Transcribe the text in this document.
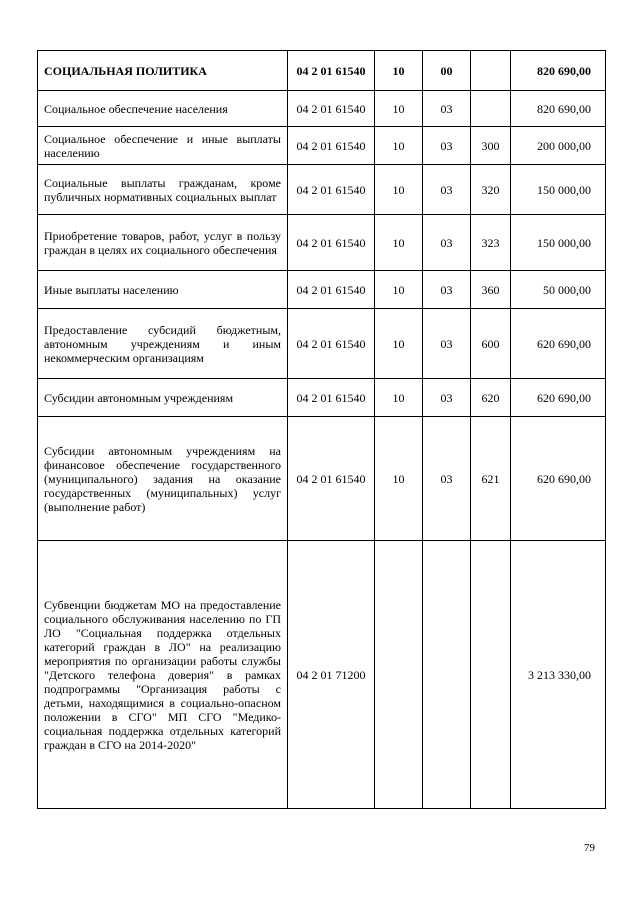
СОЦИАЛЬНАЯ ПОЛИТИКА	04 2 01 61540	10	00		820 690,00
Социальное обеспечение населения	04 2 01 61540	10	03		820 690,00
Социальное обеспечение и иные выплаты населению	04 2 01 61540	10	03	300	200 000,00
Социальные выплаты гражданам, кроме публичных нормативных социальных выплат	04 2 01 61540	10	03	320	150 000,00
Приобретение товаров, работ, услуг в пользу граждан в целях их социального обеспечения	04 2 01 61540	10	03	323	150 000,00
Иные выплаты населению	04 2 01 61540	10	03	360	50 000,00
Предоставление субсидий бюджетным, автономным учреждениям и иным некоммерческим организациям	04 2 01 61540	10	03	600	620 690,00
Субсидии автономным учреждениям	04 2 01 61540	10	03	620	620 690,00
Субсидии автономным учреждениям на финансовое обеспечение государственного (муниципального) задания на оказание государственных (муниципальных) услуг (выполнение работ)	04 2 01 61540	10	03	621	620 690,00
Субвенции бюджетам МО на предоставление социального обслуживания населению по ГП ЛО "Социальная поддержка отдельных категорий граждан в ЛО" на реализацию мероприятия по организации работы службы "Детского телефона доверия" в рамках подпрограммы "Организация работы с детьми, находящимися в социально-опасном положении в СГО" МП СГО "Медико-социальная поддержка отдельных категорий граждан в СГО на 2014-2020"	04 2 01 71200				3 213 330,00
79
